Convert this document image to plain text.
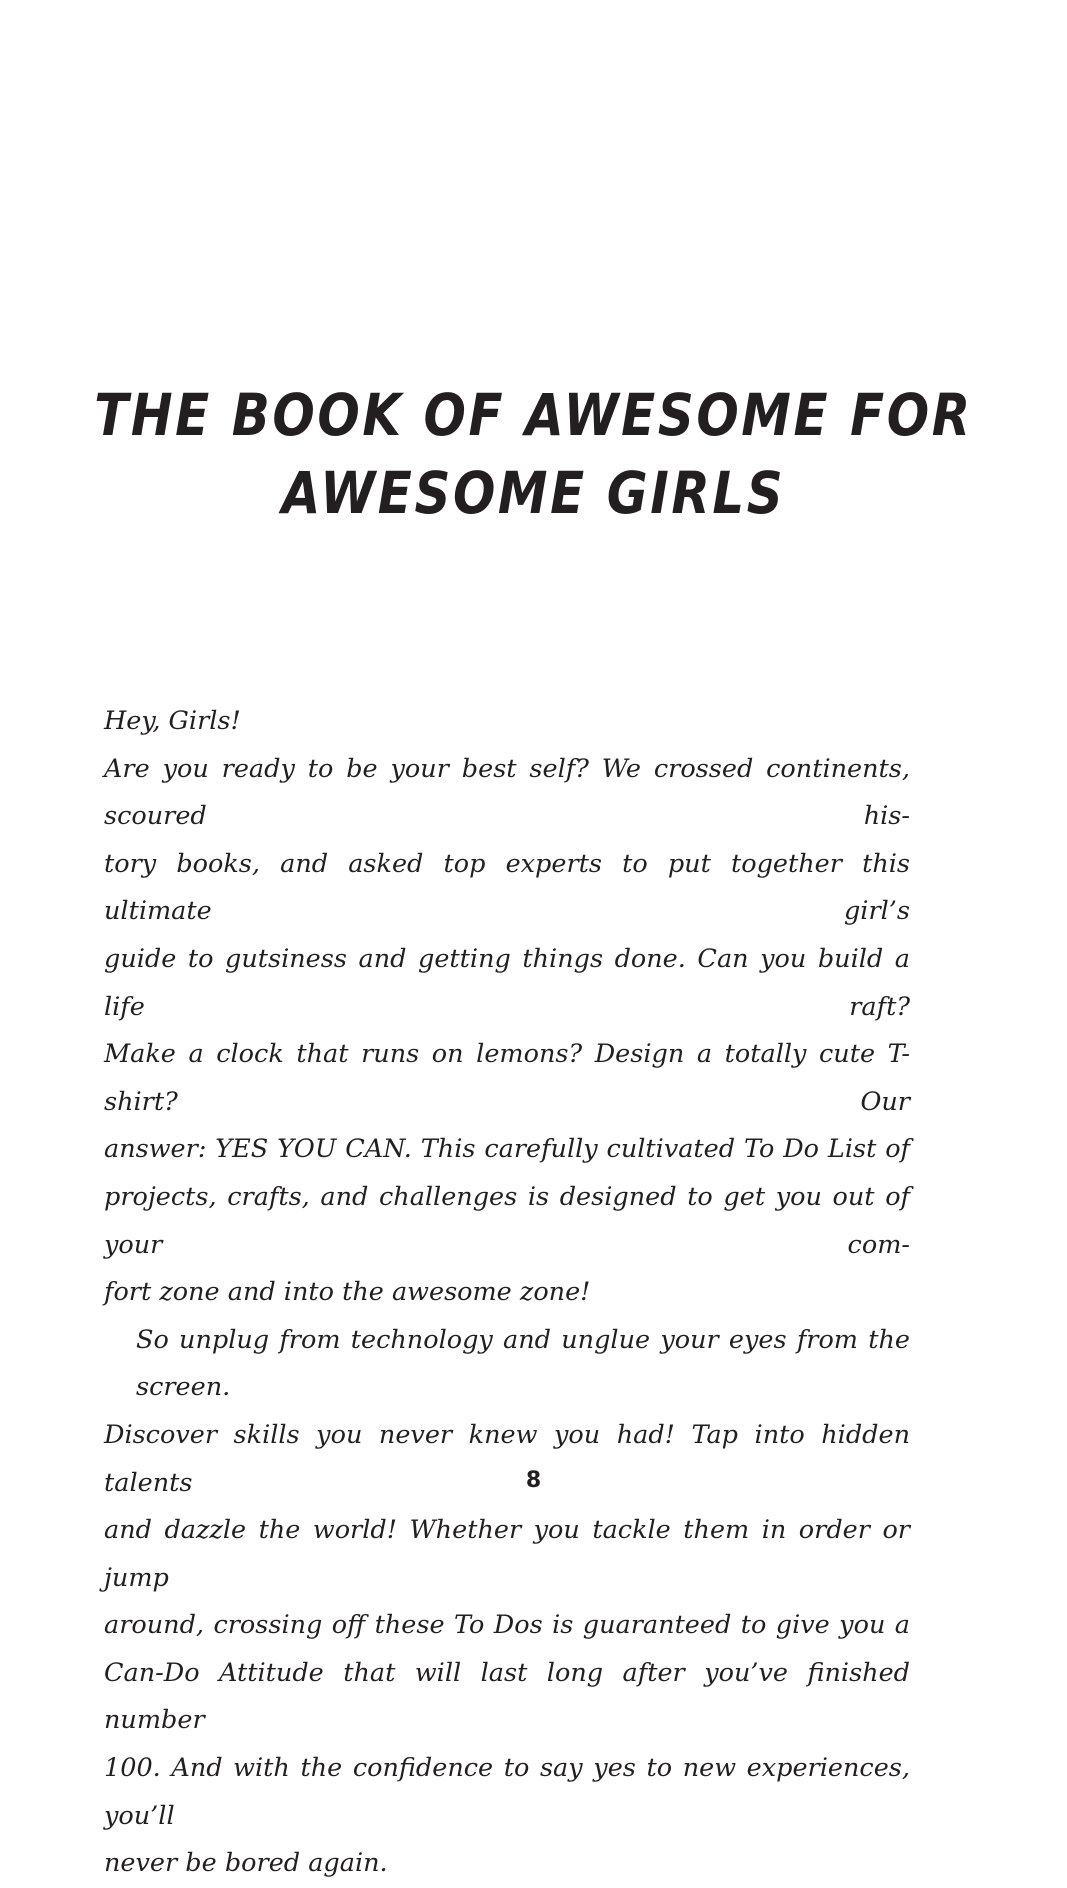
THE BOOK OF AWESOME FOR
AWESOME GIRLS
Hey, Girls!
Are you ready to be your best self? We crossed continents, scoured his-
tory books, and asked top experts to put together this ultimate girl’s
guide to gutsiness and getting things done. Can you build a life raft?
Make a clock that runs on lemons? Design a totally cute T-shirt? Our
answer: YES YOU CAN. This carefully cultivated To Do List of
projects, crafts, and challenges is designed to get you out of your com-
fort zone and into the awesome zone!
So unplug from technology and unglue your eyes from the screen.
Discover skills you never knew you had! Tap into hidden talents
and dazzle the world! Whether you tackle them in order or jump
around, crossing off these To Dos is guaranteed to give you a
Can-Do Attitude that will last long after you’ve finished number
100. And with the confidence to say yes to new experiences, you’ll
never be bored again.
8
